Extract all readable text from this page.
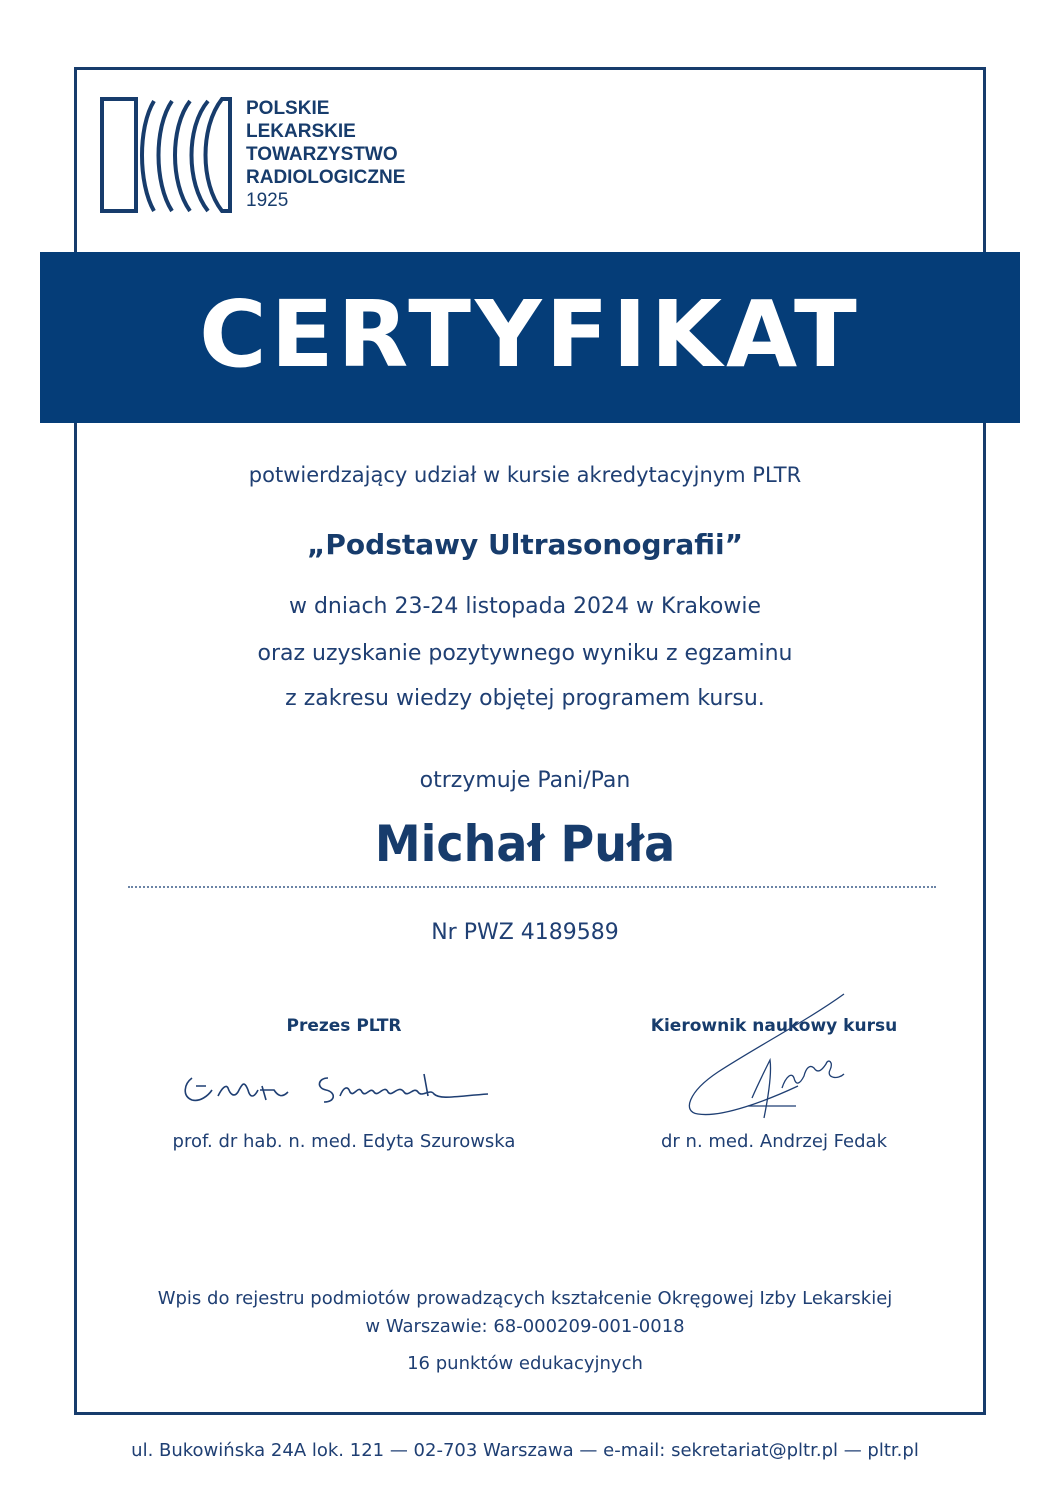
POLSKIE
LEKARSKIE
TOWARZYSTWO
RADIOLOGICZNE
1925
CERTYFIKAT
potwierdzający udział w kursie akredytacyjnym PLTR
„Podstawy Ultrasonografii”
w dniach 23-24 listopada 2024 w Krakowie
oraz uzyskanie pozytywnego wyniku z egzaminu
z zakresu wiedzy objętej programem kursu.
otrzymuje Pani/Pan
Michał Puła
Nr PWZ 4189589
Prezes PLTR	Kierownik naukowy kursu
prof. dr hab. n. med. Edyta Szurowska	dr n. med. Andrzej Fedak
Wpis do rejestru podmiotów prowadzących kształcenie Okręgowej Izby Lekarskiej
w Warszawie: 68-000209-001-0018
16 punktów edukacyjnych
ul. Bukowińska 24A lok. 121 — 02-703 Warszawa — e-mail: sekretariat@pltr.pl — pltr.pl
